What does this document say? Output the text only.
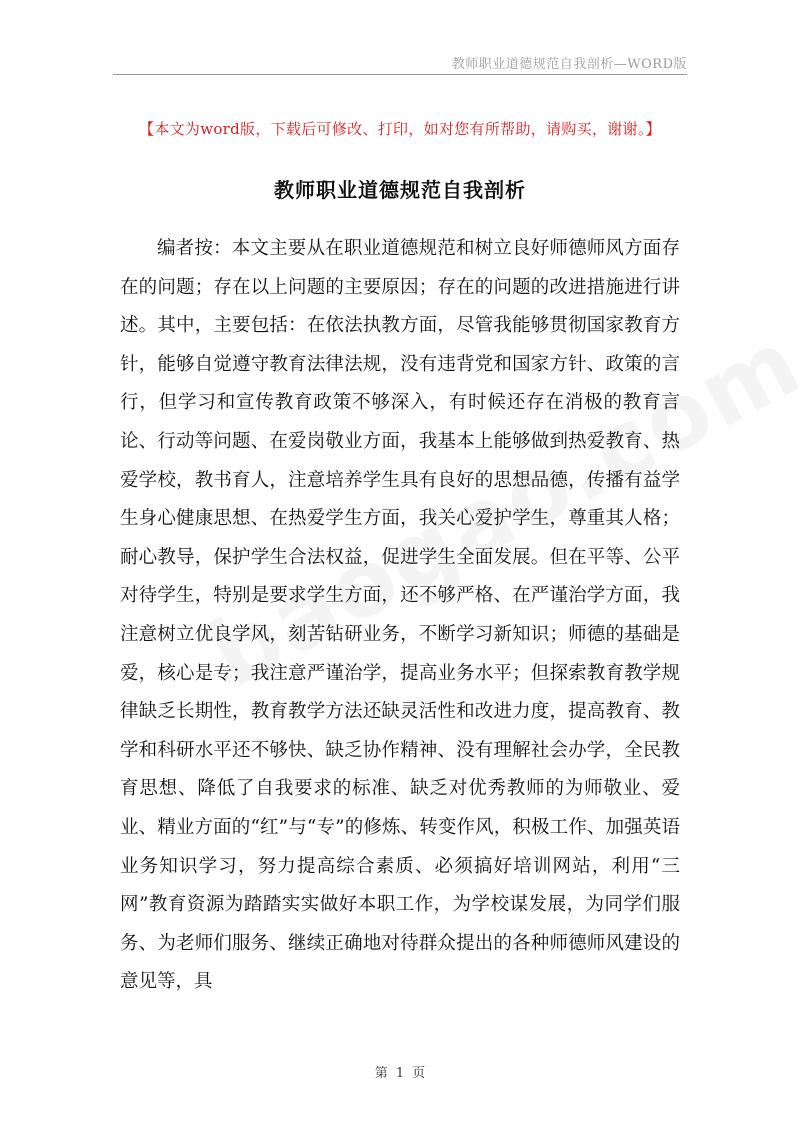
教师职业道德规范自我剖析—WORD版
【本文为word版，下载后可修改、打印，如对您有所帮助，请购买，谢谢。】
教师职业道德规范自我剖析

编者按：本文主要从在职业道德规范和树立良好师德师风方面存在的问题；存在以上问题的主要原因；存在的问题的改进措施进行讲述。其中，主要包括：在依法执教方面，尽管我能够贯彻国家教育方针，能够自觉遵守教育法律法规，没有违背党和国家方针、政策的言行，但学习和宣传教育政策不够深入，有时候还存在消极的教育言论、行动等问题、在爱岗敬业方面，我基本上能够做到热爱教育、热爱学校，教书育人，注意培养学生具有良好的思想品德，传播有益学生身心健康思想、在热爱学生方面，我关心爱护学生，尊重其人格；耐心教导，保护学生合法权益，促进学生全面发展。但在平等、公平对待学生，特别是要求学生方面，还不够严格、在严谨治学方面，我注意树立优良学风，刻苦钻研业务，不断学习新知识；师德的基础是爱，核心是专；我注意严谨治学，提高业务水平；但探索教育教学规律缺乏长期性，教育教学方法还缺灵活性和改进力度，提高教育、教学和科研水平还不够快、缺乏协作精神、没有理解社会办学，全民教育思想、降低了自我要求的标准、缺乏对优秀教师的为师敬业、爱业、精业方面的“红”与“专”的修炼、转变作风，积极工作、加强英语业务知识学习，努力提高综合素质、必须搞好培训网站，利用“三网”教育资源为踏踏实实做好本职工作，为学校谋发展，为同学们服务、为老师们服务、继续正确地对待群众提出的各种师德师风建设的意见等，具

第 1 页
